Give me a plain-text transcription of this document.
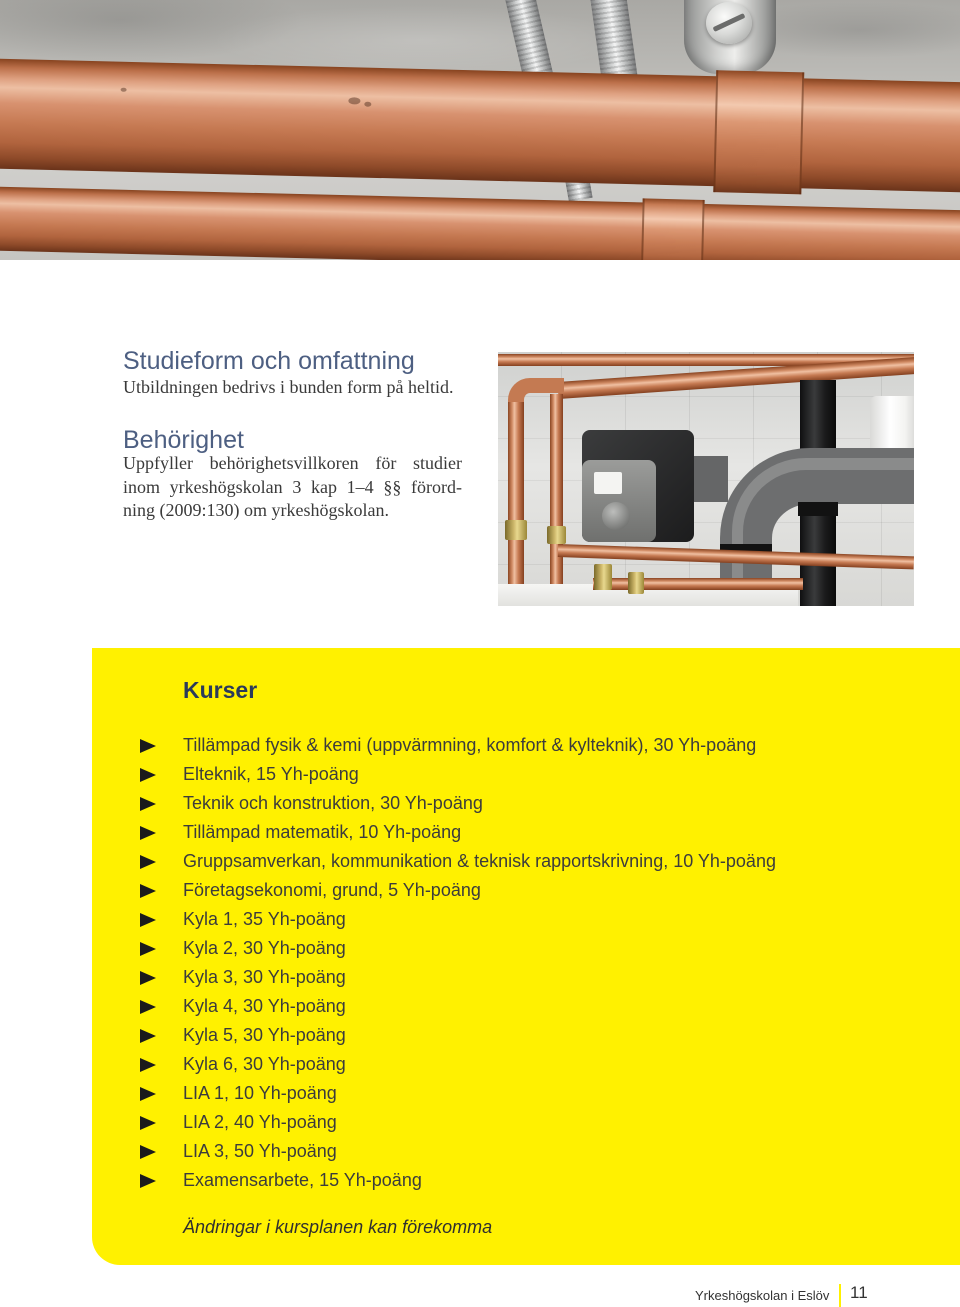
Studieform och omfattning

Utbildningen bedrivs i bunden form på heltid.

Behörighet
Uppfyller behörighetsvillkoren för studier
inom yrkeshögskolan 3 kap 1–4 §§ förord-
ning (2009:130) om yrkeshögskolan.
Kurser
Tillämpad fysik & kemi (uppvärmning, komfort & kylteknik), 30 Yh-poäng
Elteknik, 15 Yh-poäng
Teknik och konstruktion, 30 Yh-poäng
Tillämpad matematik, 10 Yh-poäng
Gruppsamverkan, kommunikation & teknisk rapportskrivning, 10 Yh-poäng
Företagsekonomi, grund, 5 Yh-poäng
Kyla 1, 35 Yh-poäng
Kyla 2, 30 Yh-poäng
Kyla 3, 30 Yh-poäng
Kyla 4, 30 Yh-poäng
Kyla 5, 30 Yh-poäng
Kyla 6, 30 Yh-poäng
LIA 1, 10 Yh-poäng
LIA 2, 40 Yh-poäng
LIA 3, 50 Yh-poäng
Examensarbete, 15 Yh-poäng

Ändringar i kursplanen kan förekomma

Yrkeshögskolan i Eslöv 11
